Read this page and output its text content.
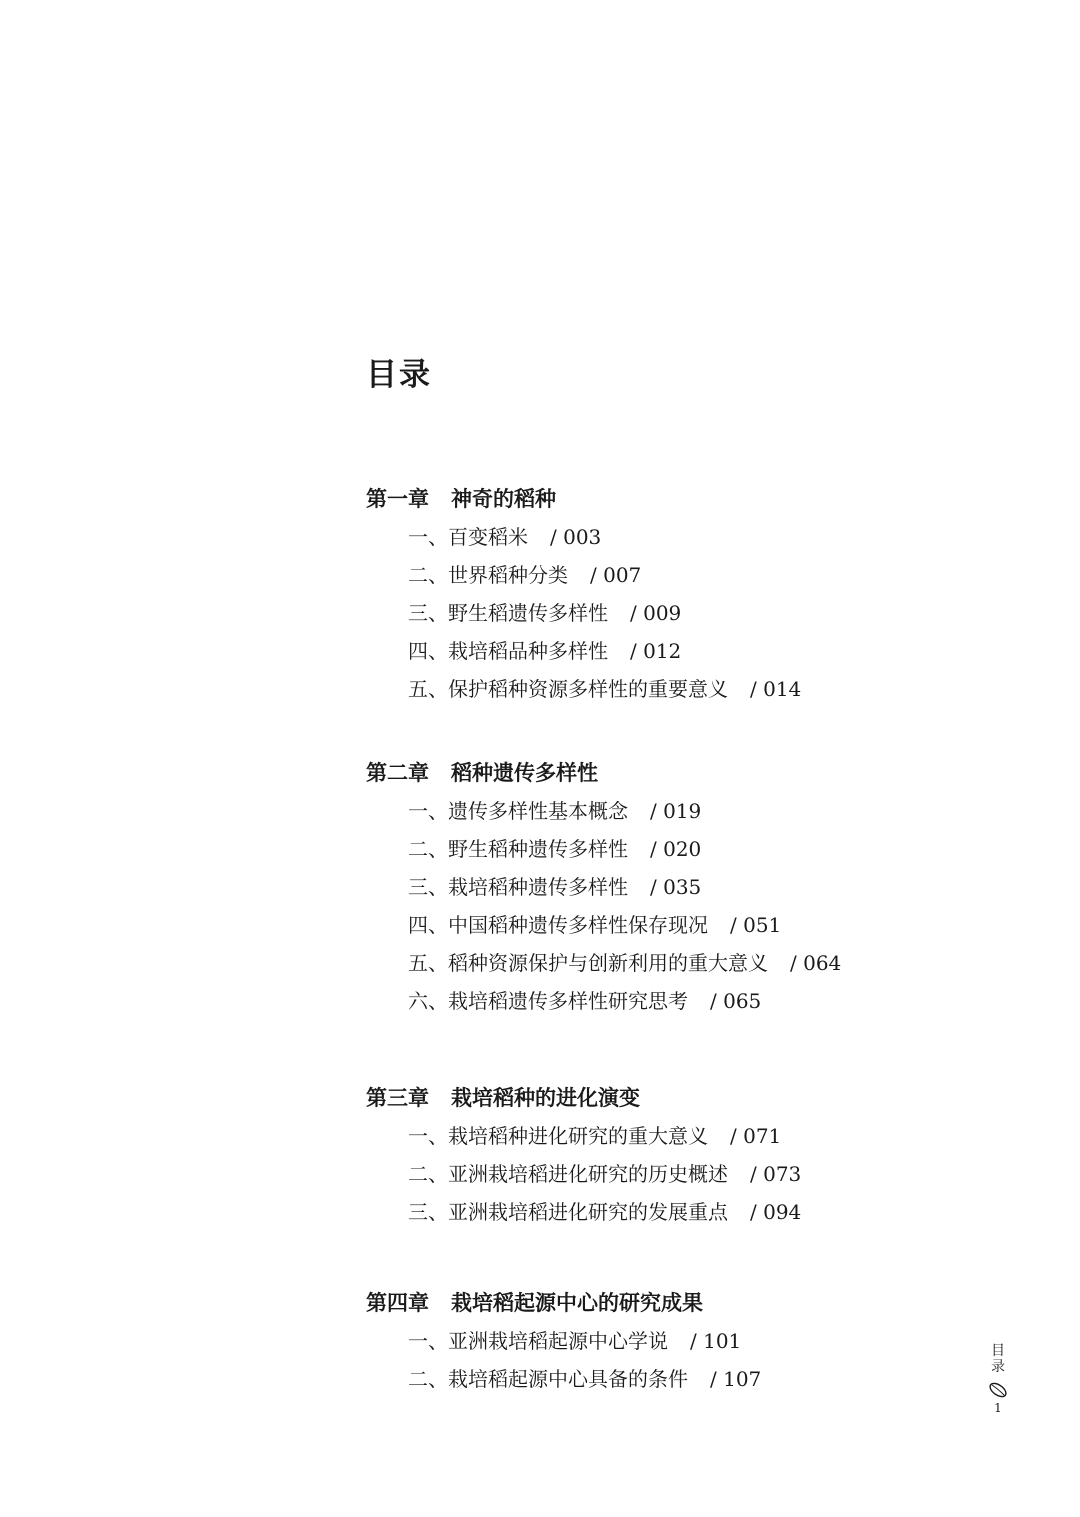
目录
第一章 神奇的稻种
一、百变稻米 / 003
二、世界稻种分类 / 007
三、野生稻遗传多样性 / 009
四、栽培稻品种多样性 / 012
五、保护稻种资源多样性的重要意义 / 014
第二章 稻种遗传多样性
一、遗传多样性基本概念 / 019
二、野生稻种遗传多样性 / 020
三、栽培稻种遗传多样性 / 035
四、中国稻种遗传多样性保存现况 / 051
五、稻种资源保护与创新利用的重大意义 / 064
六、栽培稻遗传多样性研究思考 / 065
第三章 栽培稻种的进化演变
一、栽培稻种进化研究的重大意义 / 071
二、亚洲栽培稻进化研究的历史概述 / 073
三、亚洲栽培稻进化研究的发展重点 / 094
第四章 栽培稻起源中心的研究成果
一、亚洲栽培稻起源中心学说 / 101
二、栽培稻起源中心具备的条件 / 107
目录
1
